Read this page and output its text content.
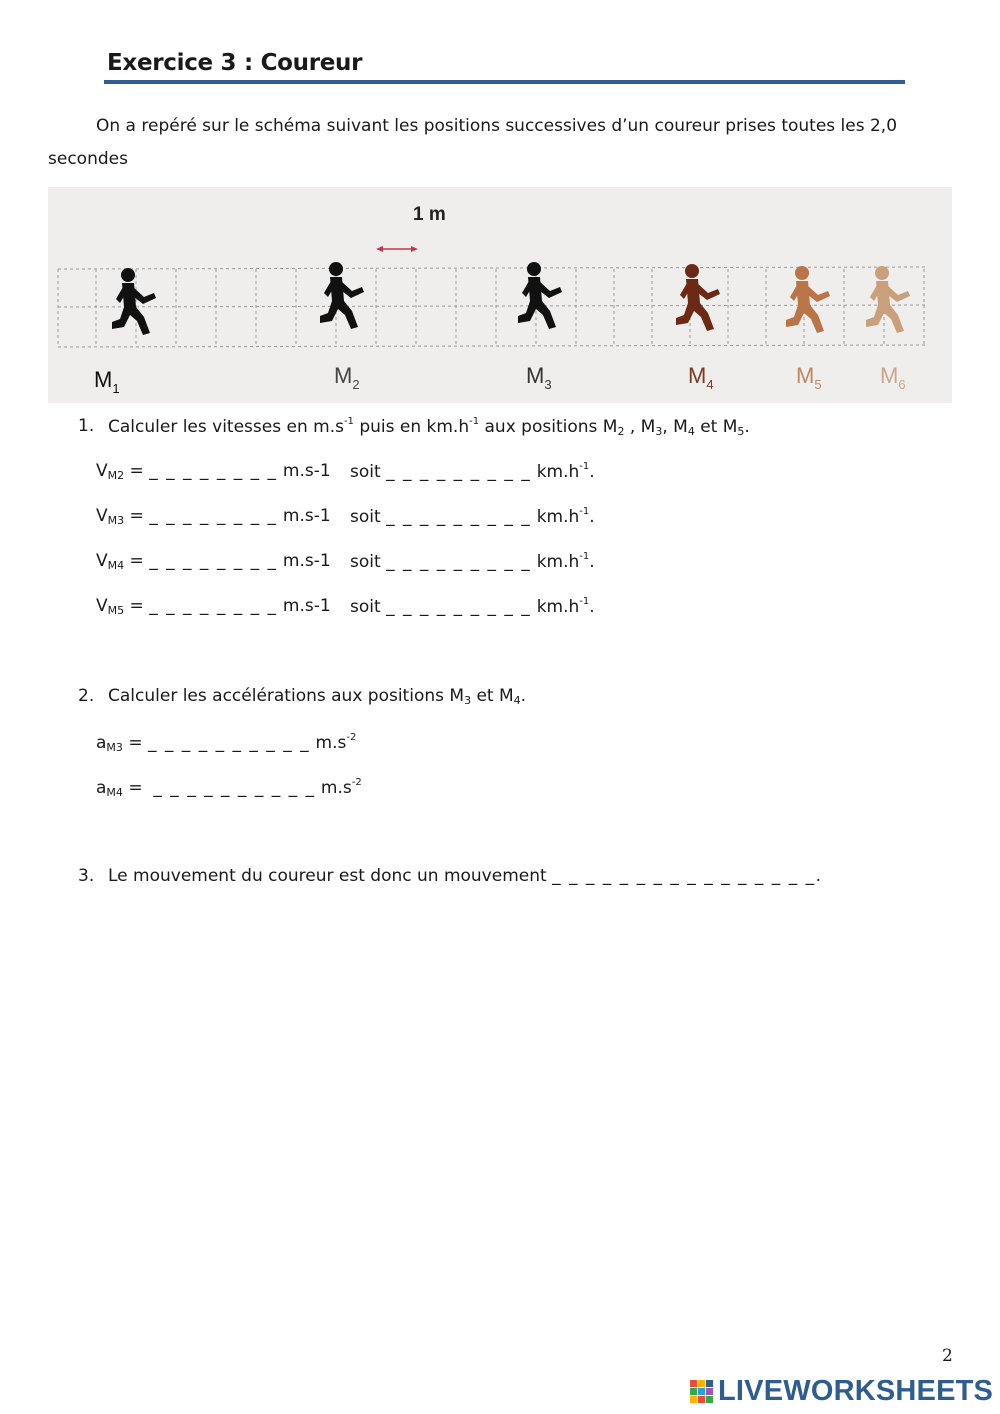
Exercice 3 : Coureur
On a repéré sur le schéma suivant les positions successives d’un coureur prises toutes les 2,0
secondes
1 m
$M_1$
$M_2$	$M_3$	$M_4$	$M_5$	$M_6$
1. Calculer les vitesses en $m.s^{-1}$ puis en $km.h^{-1}$ aux positions $M_2$ , $M_3$, $M_4$ et $M_5$.
$V_{M2}$ = _ _ _ _ _ _ _ _ m.s-1 soit _ _ _ _ _ _ _ _ _ $km.h^{-1}$.
$V_{M3}$ = _ _ _ _ _ _ _ _ m.s-1 soit _ _ _ _ _ _ _ _ _ $km.h^{-1}$.
$V_{M4}$ = _ _ _ _ _ _ _ _ m.s-1 soit _ _ _ _ _ _ _ _ _ $km.h^{-1}$.
$V_{M5}$ = _ _ _ _ _ _ _ _ m.s-1 soit _ _ _ _ _ _ _ _ _ $km.h^{-1}$.
2. Calculer les accélérations aux positions $M_3$ et $M_4$.
$a_{M3}$ = _ _ _ _ _ _ _ _ _ _ $m.s^{-2}$
$a_{M4}$ =  _ _ _ _ _ _ _ _ _ _ $m.s^{-2}$
3. Le mouvement du coureur est donc un mouvement _ _ _ _ _ _ _ _ _ _ _ _ _ _ _ _.
2
LIVEWORKSHEETS
